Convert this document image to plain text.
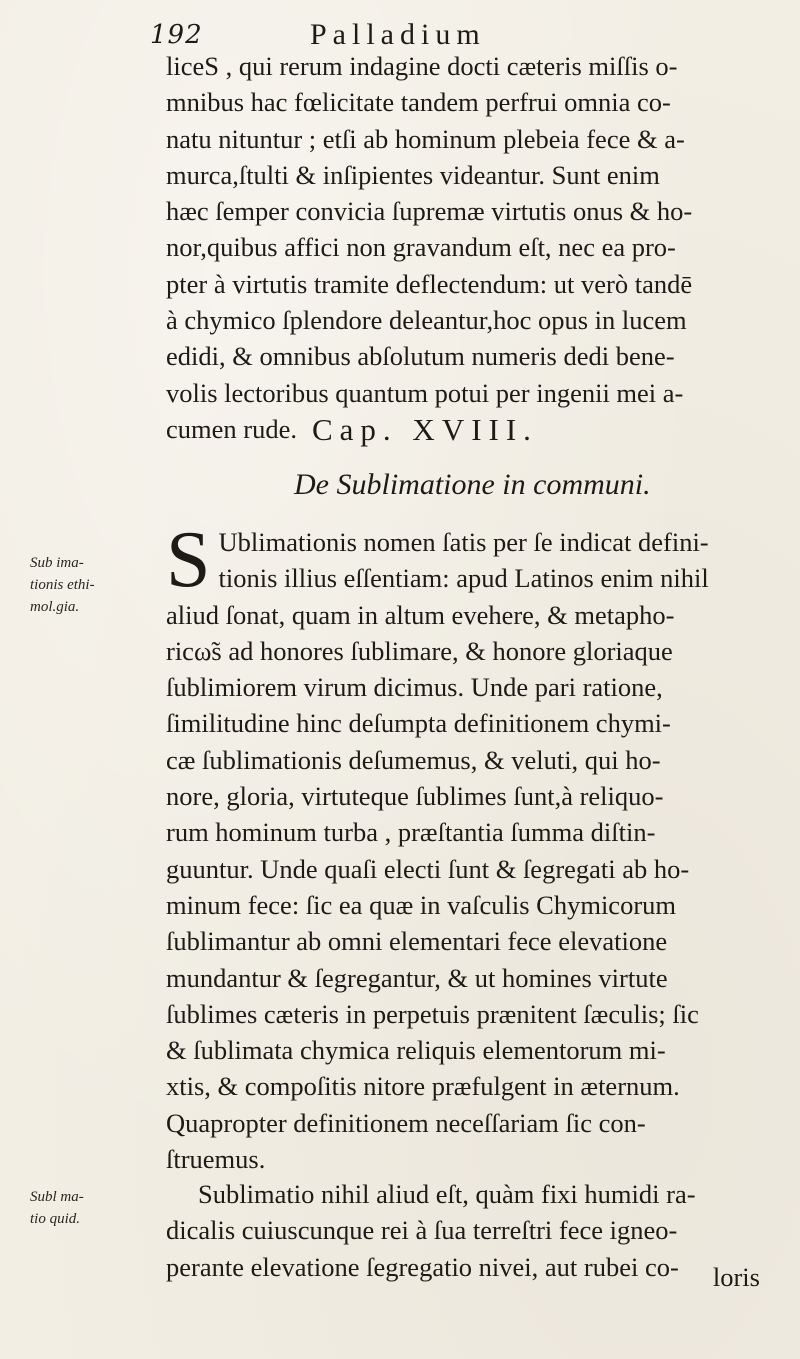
192	Palladium
liceS , qui rerum indagine docti cæteris miſſis o-
mnibus hac fœlicitate tandem perfrui omnia co-
natu nituntur ; etſi ab hominum plebeia fece & a-
murca,ſtulti & inſipientes videantur. Sunt enim
hæc ſemper convicia ſupremæ virtutis onus & ho-
nor,quibus affici non gravandum eſt, nec ea pro-
pter à virtutis tramite deflectendum: ut verò tandē
à chymico ſplendore deleantur,hoc opus in lucem
edidi, & omnibus abſolutum numeris dedi bene-
volis lectoribus quantum potui per ingenii mei a-
cumen rude. Cap. XVIII.
De Sublimatione in communi.
Sub ima-
tionis ethi-
mol.gia.
S Ublimationis nomen ſatis per ſe indicat defini-
tionis illius eſſentiam: apud Latinos enim nihil
aliud ſonat, quam in altum evehere, & metapho-
ricω̃s ad honores ſublimare, & honore gloriaque
ſublimiorem virum dicimus. Unde pari ratione,
ſimilitudine hinc deſumpta definitionem chymi-
cæ ſublimationis deſumemus, & veluti, qui ho-
nore, gloria, virtuteque ſublimes ſunt,à reliquo-
rum hominum turba , præſtantia ſumma diſtin-
guuntur. Unde quaſi electi ſunt & ſegregati ab ho-
minum fece: ſic ea quæ in vaſculis Chymicorum
ſublimantur ab omni elementari fece elevatione
mundantur & ſegregantur, & ut homines virtute
ſublimes cæteris in perpetuis prænitent ſæculis; ſic
& ſublimata chymica reliquis elementorum mi-
xtis, & compoſitis nitore præfulgent in æternum.
Quapropter definitionem neceſſariam ſic con-
ſtruemus.
Subl ma-
tio quid.
Sublimatio nihil aliud eſt, quàm fixi humidi ra-
dicalis cuiuscunque rei à ſua terreſtri fece igneo-
perante elevatione ſegregatio nivei, aut rubei co-	loris
